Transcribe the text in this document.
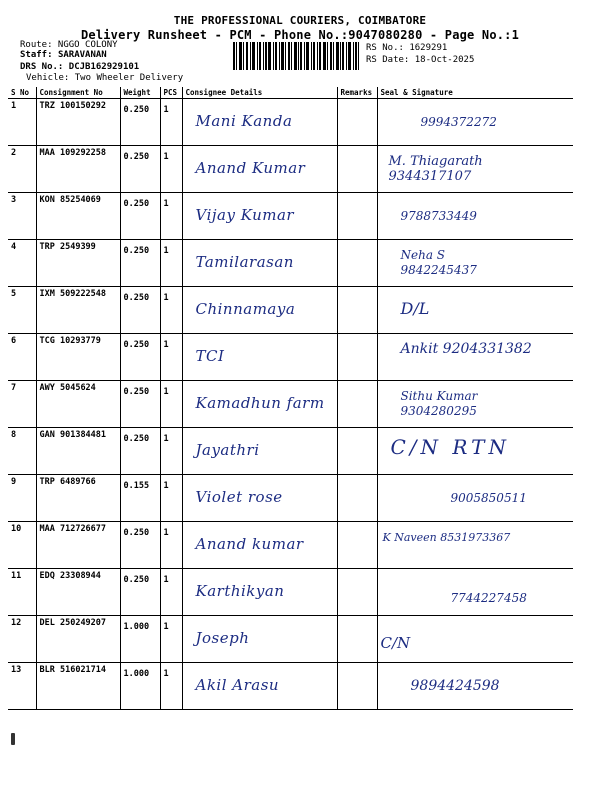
THE PROFESSIONAL COURIERS, COIMBATORE
Delivery Runsheet - PCM - Phone No.:9047080280 - Page No.:1
Route: NGGO COLONY
Staff: SARAVANAN
DRS No.: DCJB162929101
Vehicle: Two Wheeler Delivery
RS No.: 1629291
RS Date: 18-Oct-2025
S No	Consignment No	Weight	PCS	Consignee Details	Remarks	Seal & Signature
1	TRZ 100150292	0.250	1	Mani Kanda		9994372272

2	MAA 109292258	0.250	1	Anand Kumar		M. Thiagarath 9344317107

3	KON 85254069	0.250	1	Vijay Kumar		9788733449

4	TRP 2549399	0.250	1	Tamilarasan		Neha S 9842245437

5	IXM 509222548	0.250	1	Chinnamaya		D/L

6	TCG 10293779	0.250	1	TCI		Ankit 9204331382

7	AWY 5045624	0.250	1	Kamadhun farm		Sithu Kumar 9304280295

8	GAN 901384481	0.250	1	Jayathri		C/N RTN

9	TRP 6489766	0.155	1	Violet rose		9005850511

10	MAA 712726677	0.250	1	Anand kumar		K Naveen 8531973367

11	EDQ 23308944	0.250	1	Karthikyan		7744227458

12	DEL 250249207	1.000	1	Joseph		C/N

13	BLR 516021714	1.000	1	Akil Arasu		9894424598
